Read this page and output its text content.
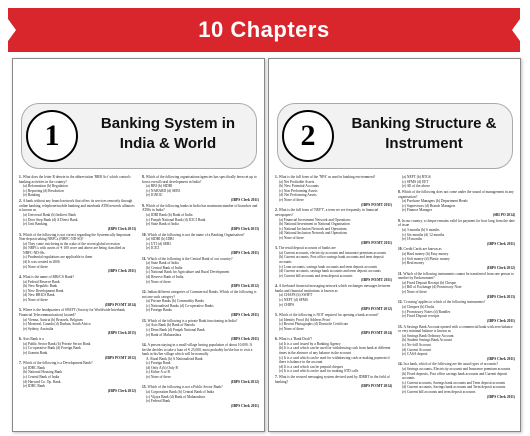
10 Chapters
1	Banking System in India & World
1.What does the letter R denote in the abbreviation 'RRB Act' which controls banking activities in the country?
(a) Reformation (b) Regulation
(c) Reporting (d) Resolution
(e) Banking
2.A bank without any branch network that offers its services remotely through online banking, telephone/mobile banking and interbank ATM network alliances is known as
(a) Universal Bank (b) Indirect Bank
(c) Door Step Bank (d) A Direct Bank
(e) Unit Banking
(IBPS Clerk 2013)
3.Which of the following is not correct regarding the Systemically Important Non-deposit taking NBFCs (NBFC-ND-SI)?
(a) They come into being in the wake of the recent global recession
(b) NBFCs with assets of ₹ 100 crore and above are being classified as NBFC-ND-SIs
(c) Prudential regulations are applicable to them
(d) It was created in 2006
(e) None of these
(IBPS Clerk 2011)
4.What is the name of RBI/CS Bank?
(a) Federal Reserve Bank
(b) New Republic Bank
(c) New Development Bank
(d) New BRICS Bank
(e) None of these
(IBPS PO/MT 2014)
5.Where is the headquarters of SWIFT (Society for Worldwide Interbank Financial Telecommunication) located?
(a) Vienna, Austria (b) Brussels, Belgium
(c) Montreal, Canada (d) Durban, South Africa
(e) Sydney, Australia
(IBPS Clerk 2015)
6.Axis Bank is a
(a) Public Sector Bank (b) Private Sector Bank
(c) Co-operative Bank (d) Foreign Bank
(e) Gramin Bank
(IBPS PO/MT 2012)
7.Which of the following is a Development Bank?
(a) IDBC Bank
(b) National Housing Bank
(c) Central Bank of India
(d) Harvard Co. Op. Bank
(e) IDBC Bank
(IBPS Clerk 2012)
8.Which of the following organisations/agencies has specifically been set up to boost overall rural development in India?
(a) RBI (b) SIDBI
(c) NABARD (d) SEBI
(e) IGNOU
(IBPS Clerk 2011)
9.Which of the following banks in India has maximum number of branches and ATMs in India?
(a) IDBI Bank (b) Bank of India
(c) Punjab National Bank (d) ICICI Bank
(e) State Bank of India
(IBPS Clerk 2013)
10.Which of the following is not the name of a Banking Organisation?
(a) SIDBI (b) IDBI
(c) UTI (d) SEBI
(e) ICICI
(IBPS Clerk 2011)
11.Which of the following is the Central Bank of our country?
(a) State Bank of India
(b) Central Bank of India
(c) National Bank for Agriculture and Rural Development
(d) Reserve Bank of India
(e) None of these
(IBPS Clerk 2012)
12.Indian different categories of Commercial Banks. Which of the following is not one such category?
(a) Private Banks (b) Commodity Banks
(c) Nationalised Banks (d) Co-operative Banks
(e) Foreign Banks
(IBPS Clerk 2011)
13.Which of the following is a private Bank functioning in India?
(a) Axis Bank (b) Bank of Baroda
(c) Dena Bank (d) Punjab National Bank
(e) Bank of Maharashtra
(IBPS Clerk 2011)
14.A person staying in a small village having population of about 10,000. If he/she decides to take a loan of ₹ 25,000, most probably he/she has to visit a bank in his/her village which will be normally
A. Rural Bank (b) A Nationalised Bank
(c) Foreign Bank
(d) Only A (b) Only B
(c) Either A or B
(e) None of these
(IBPS Clerk 2012)
15.Which of the following is not a Public Sector Bank?
(a) Corporation Bank (b) Central Bank of India
(c) Vijaya Bank (d) Bank of Maharashtra
(e) Federal Bank
(IBPS Clerk 2011)
2	Banking Structure & Instrument
1.What is the full form of the 'NPA' as used in banking environment?
(a) Net Profitable Assets
(b) New Potential Accounts
(c) Non Performing Assets
(d) Net Performing Assets
(e) None of these
(IBPS PO/MT 2011)
2.What is the full form of 'NEFT', a term we see frequently in financial newspapers?
(a) Financial Investment Network and Operations
(b) National Investment in National Organisation
(c) National Inclusion Network and Operations
(d) National Inclusion Network and Operations
(e) None of these
(IBPS PO/MT 2011)
3.The retail deposit accounts of banks are
(a) Current accounts, electricity accounts and insurance premium accounts
(b) Current accounts, Post office savings bank accounts and term deposit accounts
(c) Loan accounts, savings bank accounts and term deposit accounts
(d) Current accounts, savings bank accounts and term deposit accounts
(e) Current bill accounts and term deposit accounts
(IBPS PO/MT 2011)
4.A fireboard financial messaging network which exchanges messages between banks and financial institutions is known as
(a) CHAPS (b) SWIFT
(c) NEFT (d) SFMS
(e) CHIPS
(IBPS PO/MT 2012)
5.Which of the following is NOT required for opening a bank account?
(a) Identity Proof (b) Address Proof
(c) Recent Photographs (d) Domicile Certificate
(e) None of these
(IBPS PO/MT 2014)
6.What is a 'Bank Draft'?
(a) It is a card issued by a Banking Agency
(b) It is a card which can be used for withdrawing cash from bank at different times in the absence of any balance in the account
(c) It is a card which can be used for withdrawing cash or making payment if there is balance in the account
(d) It is a card which can be prepaid cheques
(e) It is a card which can be used for making STD calls
7.What is the secured messaging system devised used by IDRBT in the field of banking?
(IBPS PO/MT 2014)
(a) NEFT (b) RTGS
(c) SFMS (d) EFT
(e) All of the above
8.Which of the following does not come under the sound of management in any organisation?
(a) Purchase Managers (b) Department Heads
(c) Supervisors (d) Branch Managers
(e) Finance Manager
(SBI PO 2014)
9.In our country, a cheque remains valid for payment for how long from the date of issue
(a) 3 months (b) 6 months
(c) Six months (d) 12 months
(e) 18 months
(IBPS Clerk 2011)
10.Credit Cards are known as
(a) Hard money (b) Easy money
(c) Soft money (d) Plastic money
(e) Real money
(IBPS Clerk 2012)
11.Which of the following instruments cannot be transferred from one person to another by Endorsement?
(a) Fixed Deposit Receipt (b) Cheque
(c) Bill of Exchange (d) Promissory Note
(e) None of these
(IBPS Clerk 2013)
12.'Crossing' applies to which of the following instruments?
(a) Cheques (b) Drafts
(c) Promissory Notes (d) Bundles
(e) Fixed Deposit receipts
(IBPS Clerk 2011)
13.A Savings Bank Account opened with a commercial bank with zero balance or very minimal balance is known as
(a) Savings Bank Ordinary Account
(b) Student Savings Bank Account
(c) No-frill Account
(d) Current Account
(e) CASA deposit
(IBPS Clerk 2011)
14.In a bank, which of the following are the usual types of accounts?
(a) Savings accounts, Electricity accounts and Insurance premium accounts
(b) Fixed deposits, Post office savings bank accounts and Current deposit accounts
(c) Current accounts, Savings bank accounts and Term deposit accounts
(d) Current accounts, Savings bank accounts and Term deposit accounts
(e) Current bill accounts and term deposit accounts
(IBPS Clerk 2011)
